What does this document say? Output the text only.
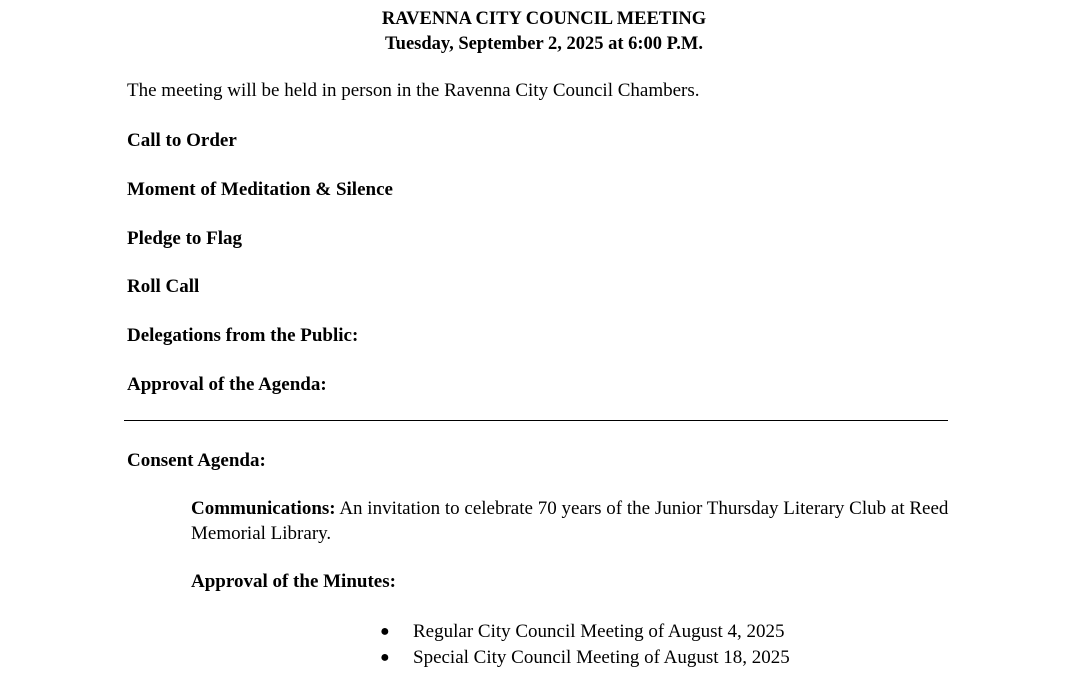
RAVENNA CITY COUNCIL MEETING
Tuesday, September 2, 2025 at 6:00 P.M.
The meeting will be held in person in the Ravenna City Council Chambers.
Call to Order
Moment of Meditation & Silence
Pledge to Flag
Roll Call
Delegations from the Public:
Approval of the Agenda:
Consent Agenda:
Communications: An invitation to celebrate 70 years of the Junior Thursday Literary Club at Reed Memorial Library.
Approval of the Minutes:
● Regular City Council Meeting of August 4, 2025
● Special City Council Meeting of August 18, 2025
